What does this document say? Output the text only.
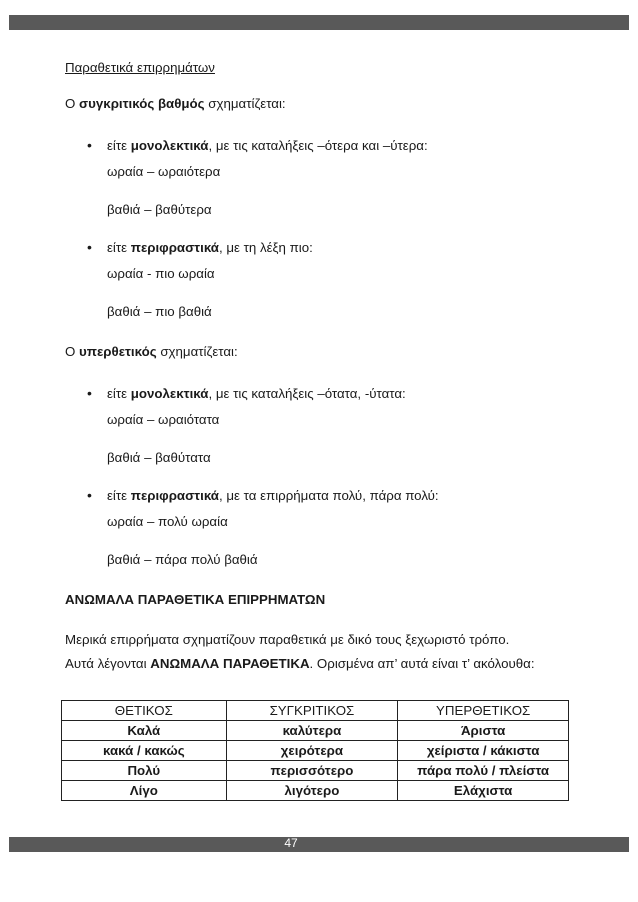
Παραθετικά επιρρημάτων
Ο συγκριτικός βαθμός σχηματίζεται:
• είτε μονολεκτικά, με τις καταλήξεις –ότερα και –ύτερα:
ωραία – ωραιότερα
βαθιά – βαθύτερα
• είτε περιφραστικά, με τη λέξη πιο:
ωραία - πιο ωραία
βαθιά – πιο βαθιά
Ο υπερθετικός σχηματίζεται:
• είτε μονολεκτικά, με τις καταλήξεις –ότατα, -ύτατα:
ωραία – ωραιότατα
βαθιά – βαθύτατα
• είτε περιφραστικά, με τα επιρρήματα πολύ, πάρα πολύ:
ωραία – πολύ ωραία
βαθιά – πάρα πολύ βαθιά
ΑΝΩΜΑΛΑ ΠΑΡΑΘΕΤΙΚΑ ΕΠΙΡΡΗΜΑΤΩΝ
Μερικά επιρρήματα σχηματίζουν παραθετικά με δικό τους ξεχωριστό τρόπο.
Αυτά λέγονται ΑΝΩΜΑΛΑ ΠΑΡΑΘΕΤΙΚΑ. Ορισμένα απ’ αυτά είναι τ’ ακόλουθα:
ΘΕΤΙΚΟΣ	ΣΥΓΚΡΙΤΙΚΟΣ	ΥΠΕΡΘΕΤΙΚΟΣ
Καλά	καλύτερα	Άριστα
κακά / κακώς	χειρότερα	χείριστα / κάκιστα
Πολύ	περισσότερο	πάρα πολύ / πλείστα
Λίγο	λιγότερο	Ελάχιστα
47
